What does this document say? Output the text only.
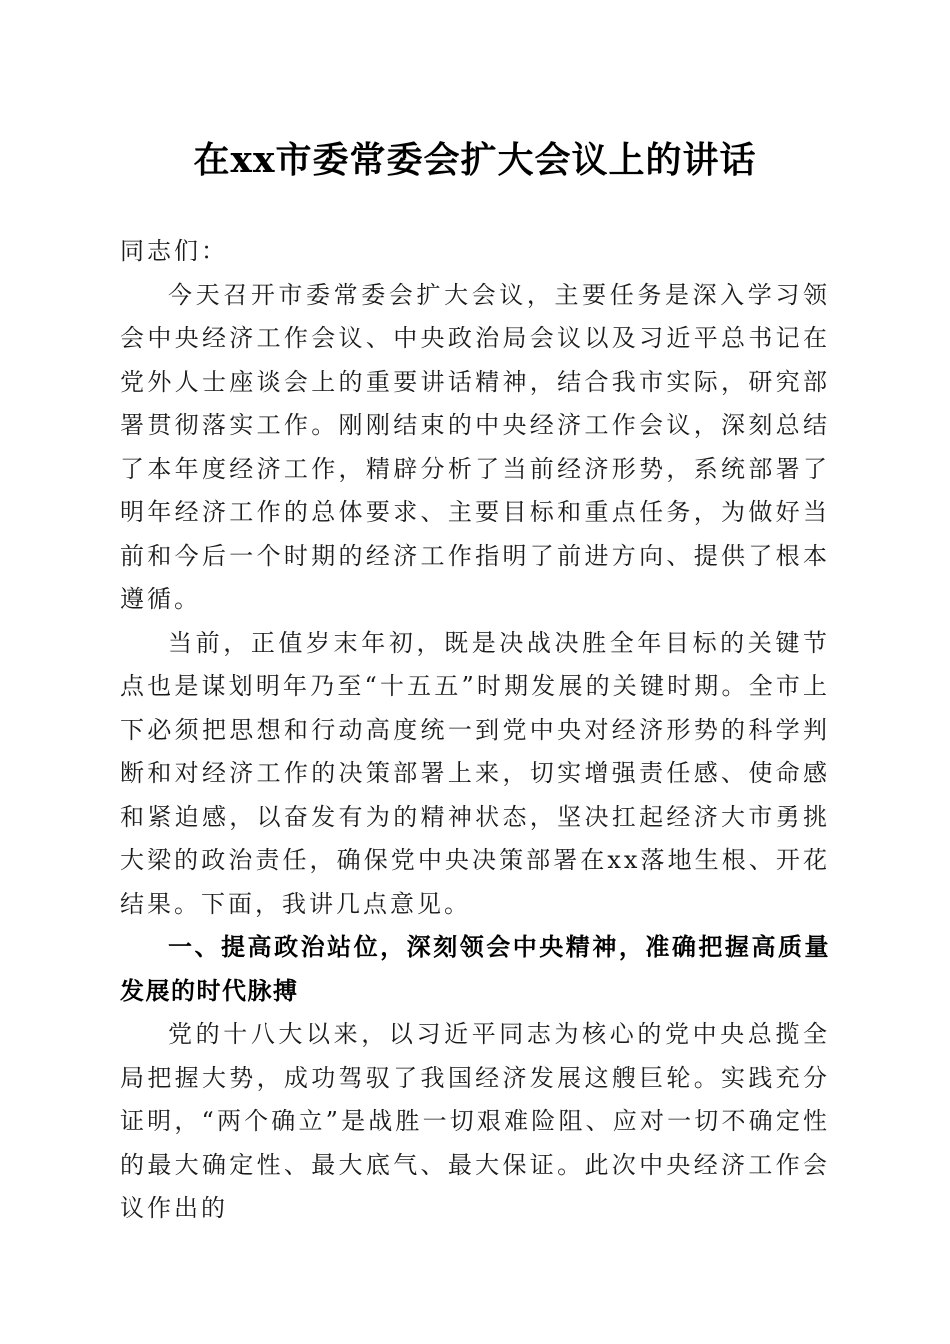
在xx市委常委会扩大会议上的讲话

同志们：

今天召开市委常委会扩大会议，主要任务是深入学习领会中央经济工作会议、中央政治局会议以及习近平总书记在党外人士座谈会上的重要讲话精神，结合我市实际，研究部署贯彻落实工作。刚刚结束的中央经济工作会议，深刻总结了本年度经济工作，精辟分析了当前经济形势，系统部署了明年经济工作的总体要求、主要目标和重点任务，为做好当前和今后一个时期的经济工作指明了前进方向、提供了根本遵循。

当前，正值岁末年初，既是决战决胜全年目标的关键节点也是谋划明年乃至“十五五”时期发展的关键时期。全市上下必须把思想和行动高度统一到党中央对经济形势的科学判断和对经济工作的决策部署上来，切实增强责任感、使命感和紧迫感，以奋发有为的精神状态，坚决扛起经济大市勇挑大梁的政治责任，确保党中央决策部署在xx落地生根、开花结果。下面，我讲几点意见。

一、提高政治站位，深刻领会中央精神，准确把握高质量发展的时代脉搏

党的十八大以来，以习近平同志为核心的党中央总揽全局把握大势，成功驾驭了我国经济发展这艘巨轮。实践充分证明，“两个确立”是战胜一切艰难险阻、应对一切不确定性的最大确定性、最大底气、最大保证。此次中央经济工作会议作出的
